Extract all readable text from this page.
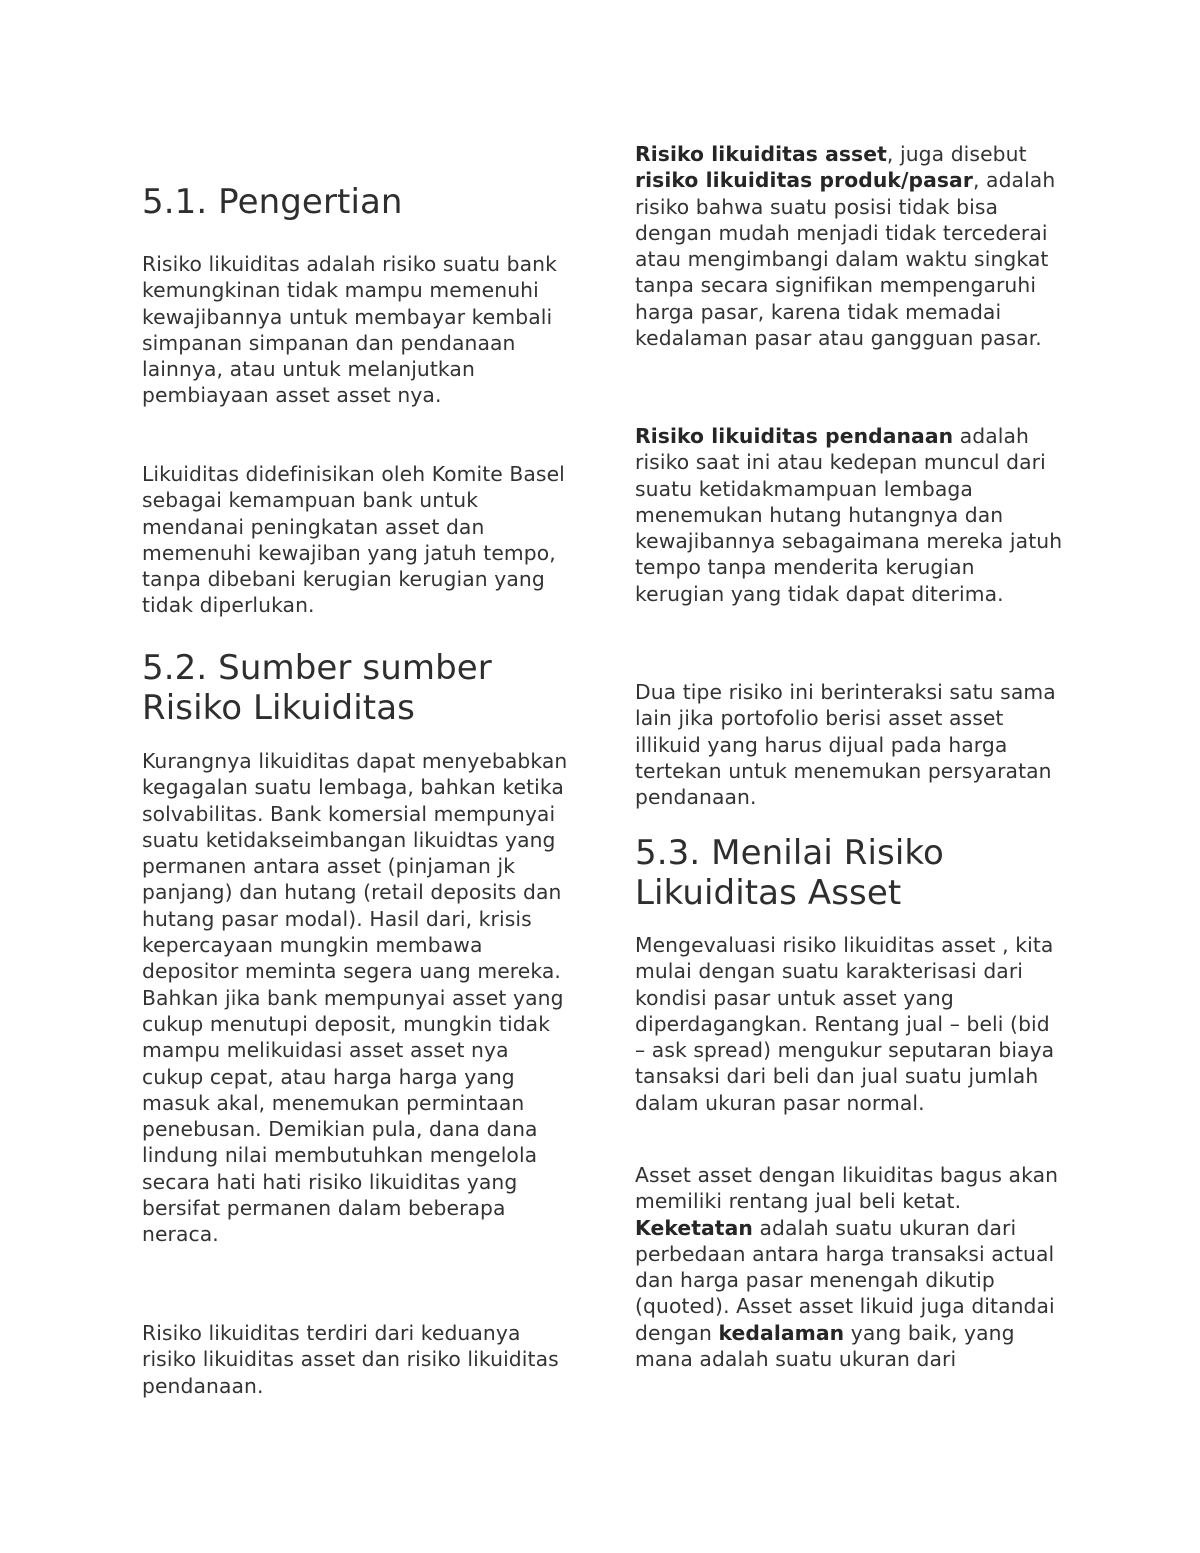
5.1. Pengertian

Risiko likuiditas adalah risiko suatu bank kemungkinan tidak mampu memenuhi kewajibannya untuk membayar kembali simpanan simpanan dan pendanaan lainnya, atau untuk melanjutkan pembiayaan asset asset nya.

Likuiditas didefinisikan oleh Komite Basel sebagai kemampuan bank untuk mendanai peningkatan asset dan memenuhi kewajiban yang jatuh tempo, tanpa dibebani kerugian kerugian yang tidak diperlukan.

5.2. Sumber sumber Risiko Likuiditas

Kurangnya likuiditas dapat menyebabkan kegagalan suatu lembaga, bahkan ketika solvabilitas. Bank komersial mempunyai suatu ketidakseimbangan likuidtas yang permanen antara asset (pinjaman jk panjang) dan hutang (retail deposits dan hutang pasar modal). Hasil dari, krisis kepercayaan mungkin membawa depositor meminta segera uang mereka. Bahkan jika bank mempunyai asset yang cukup menutupi deposit, mungkin tidak mampu melikuidasi asset asset nya cukup cepat, atau harga harga yang masuk akal, menemukan permintaan penebusan. Demikian pula, dana dana lindung nilai membutuhkan mengelola secara hati hati risiko likuiditas yang bersifat permanen dalam beberapa neraca.

Risiko likuiditas terdiri dari keduanya risiko likuiditas asset dan risiko likuiditas pendanaan.

Risiko likuiditas asset, juga disebut risiko likuiditas produk/pasar, adalah risiko bahwa suatu posisi tidak bisa dengan mudah menjadi tidak tercederai atau mengimbangi dalam waktu singkat tanpa secara signifikan mempengaruhi harga pasar, karena tidak memadai kedalaman pasar atau gangguan pasar.

Risiko likuiditas pendanaan adalah risiko saat ini atau kedepan muncul dari suatu ketidakmampuan lembaga menemukan hutang hutangnya dan kewajibannya sebagaimana mereka jatuh tempo tanpa menderita kerugian kerugian yang tidak dapat diterima.

Dua tipe risiko ini berinteraksi satu sama lain jika portofolio berisi asset asset illikuid yang harus dijual pada harga tertekan untuk menemukan persyaratan pendanaan.

5.3. Menilai Risiko Likuiditas Asset

Mengevaluasi risiko likuiditas asset , kita mulai dengan suatu karakterisasi dari kondisi pasar untuk asset yang diperdagangkan. Rentang jual – beli (bid – ask spread) mengukur seputaran biaya tansaksi dari beli dan jual suatu jumlah dalam ukuran pasar normal.

Asset asset dengan likuiditas bagus akan memiliki rentang jual beli ketat. Keketatan adalah suatu ukuran dari perbedaan antara harga transaksi actual dan harga pasar menengah dikutip (quoted). Asset asset likuid juga ditandai dengan kedalaman yang baik, yang mana adalah suatu ukuran dari
